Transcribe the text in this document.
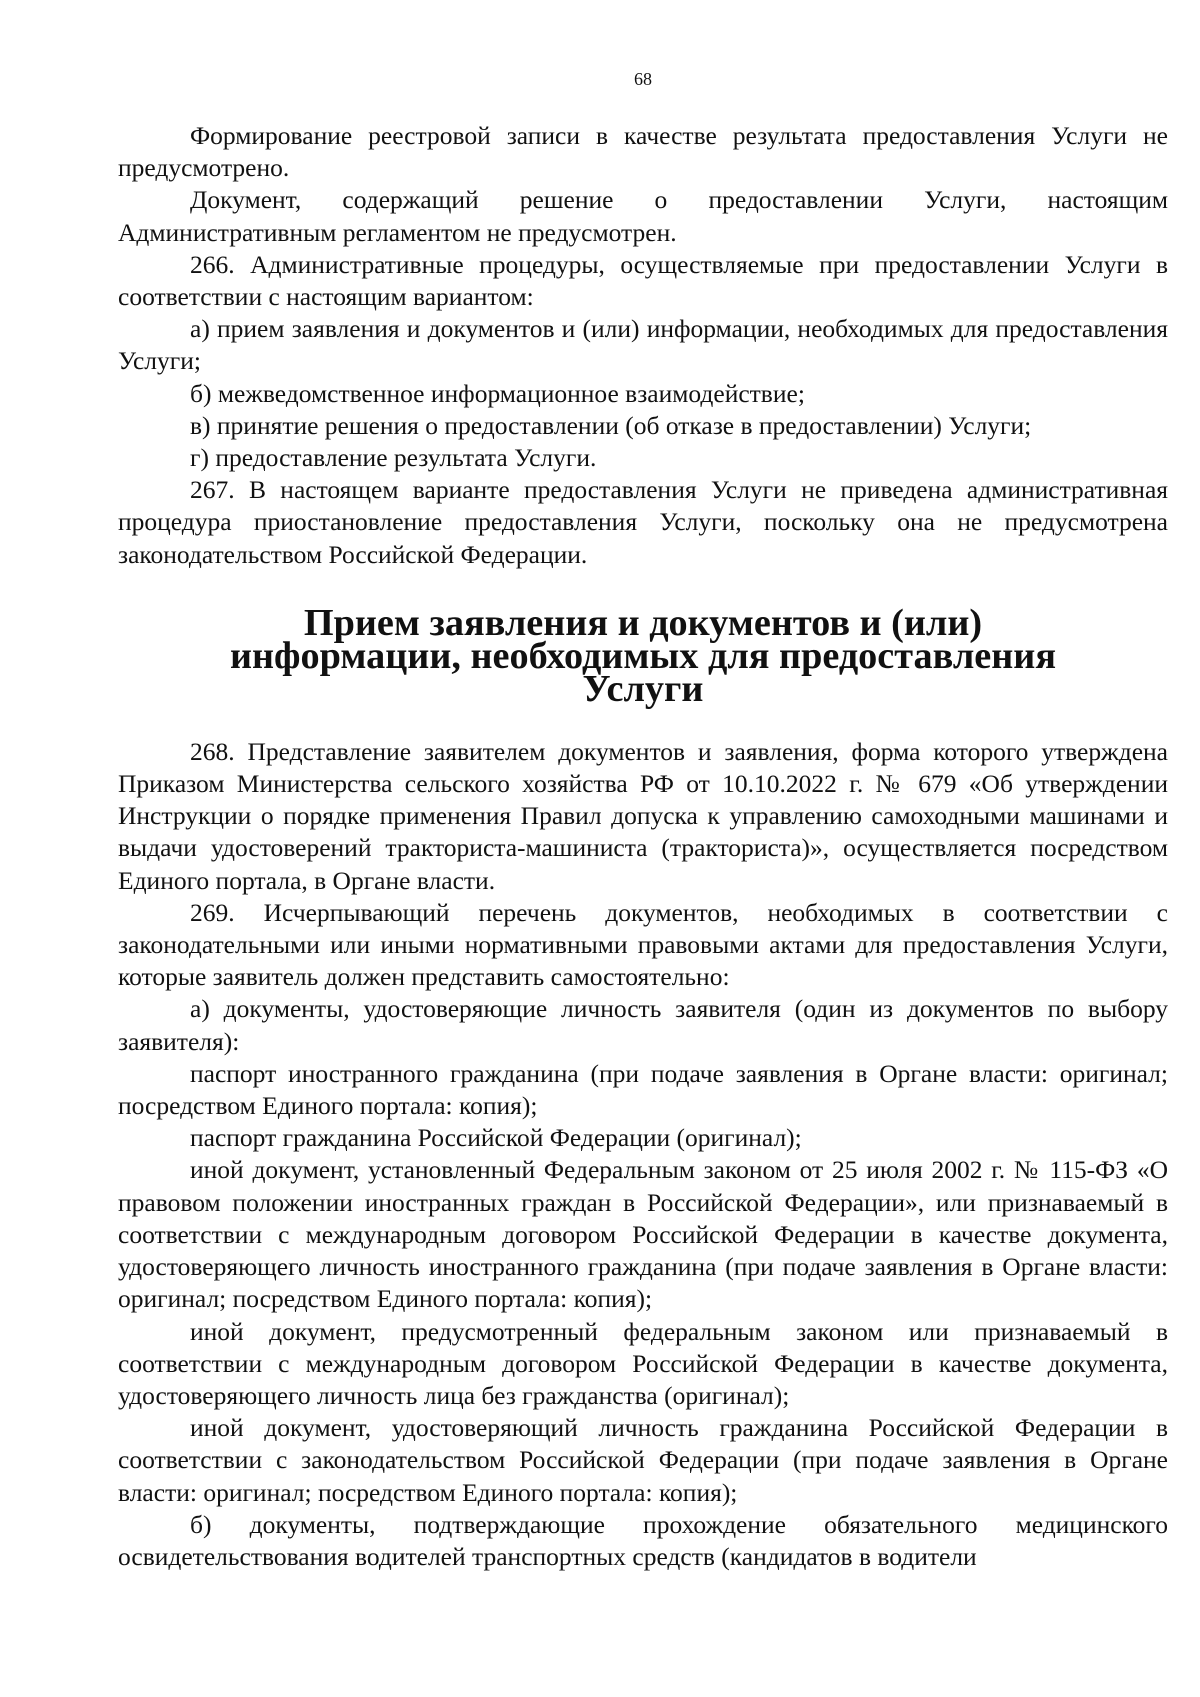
68

Формирование реестровой записи в качестве результата предоставления Услуги не предусмотрено.

Документ, содержащий решение о предоставлении Услуги, настоящим Административным регламентом не предусмотрен.

266. Административные процедуры, осуществляемые при предоставлении Услуги в соответствии с настоящим вариантом:

а) прием заявления и документов и (или) информации, необходимых для предоставления Услуги;

б) межведомственное информационное взаимодействие;

в) принятие решения о предоставлении (об отказе в предоставлении) Услуги;

г) предоставление результата Услуги.

267. В настоящем варианте предоставления Услуги не приведена административная процедура приостановление предоставления Услуги, поскольку она не предусмотрена законодательством Российской Федерации.

Прием заявления и документов и (или) информации, необходимых для предоставления Услуги

268. Представление заявителем документов и заявления, форма которого утверждена Приказом Министерства сельского хозяйства РФ от 10.10.2022 г. № 679 «Об утверждении Инструкции о порядке применения Правил допуска к управлению самоходными машинами и выдачи удостоверений тракториста-машиниста (тракториста)», осуществляется посредством Единого портала, в Органе власти.

269. Исчерпывающий перечень документов, необходимых в соответствии с законодательными или иными нормативными правовыми актами для предоставления Услуги, которые заявитель должен представить самостоятельно:

а) документы, удостоверяющие личность заявителя (один из документов по выбору заявителя):

паспорт иностранного гражданина (при подаче заявления в Органе власти: оригинал; посредством Единого портала: копия);

паспорт гражданина Российской Федерации (оригинал);

иной документ, установленный Федеральным законом от 25 июля 2002 г. № 115-ФЗ «О правовом положении иностранных граждан в Российской Федерации», или признаваемый в соответствии с международным договором Российской Федерации в качестве документа, удостоверяющего личность иностранного гражданина (при подаче заявления в Органе власти: оригинал; посредством Единого портала: копия);

иной документ, предусмотренный федеральным законом или признаваемый в соответствии с международным договором Российской Федерации в качестве документа, удостоверяющего личность лица без гражданства (оригинал);

иной документ, удостоверяющий личность гражданина Российской Федерации в соответствии с законодательством Российской Федерации (при подаче заявления в Органе власти: оригинал; посредством Единого портала: копия);

б) документы, подтверждающие прохождение обязательного медицинского освидетельствования водителей транспортных средств (кандидатов в водители
